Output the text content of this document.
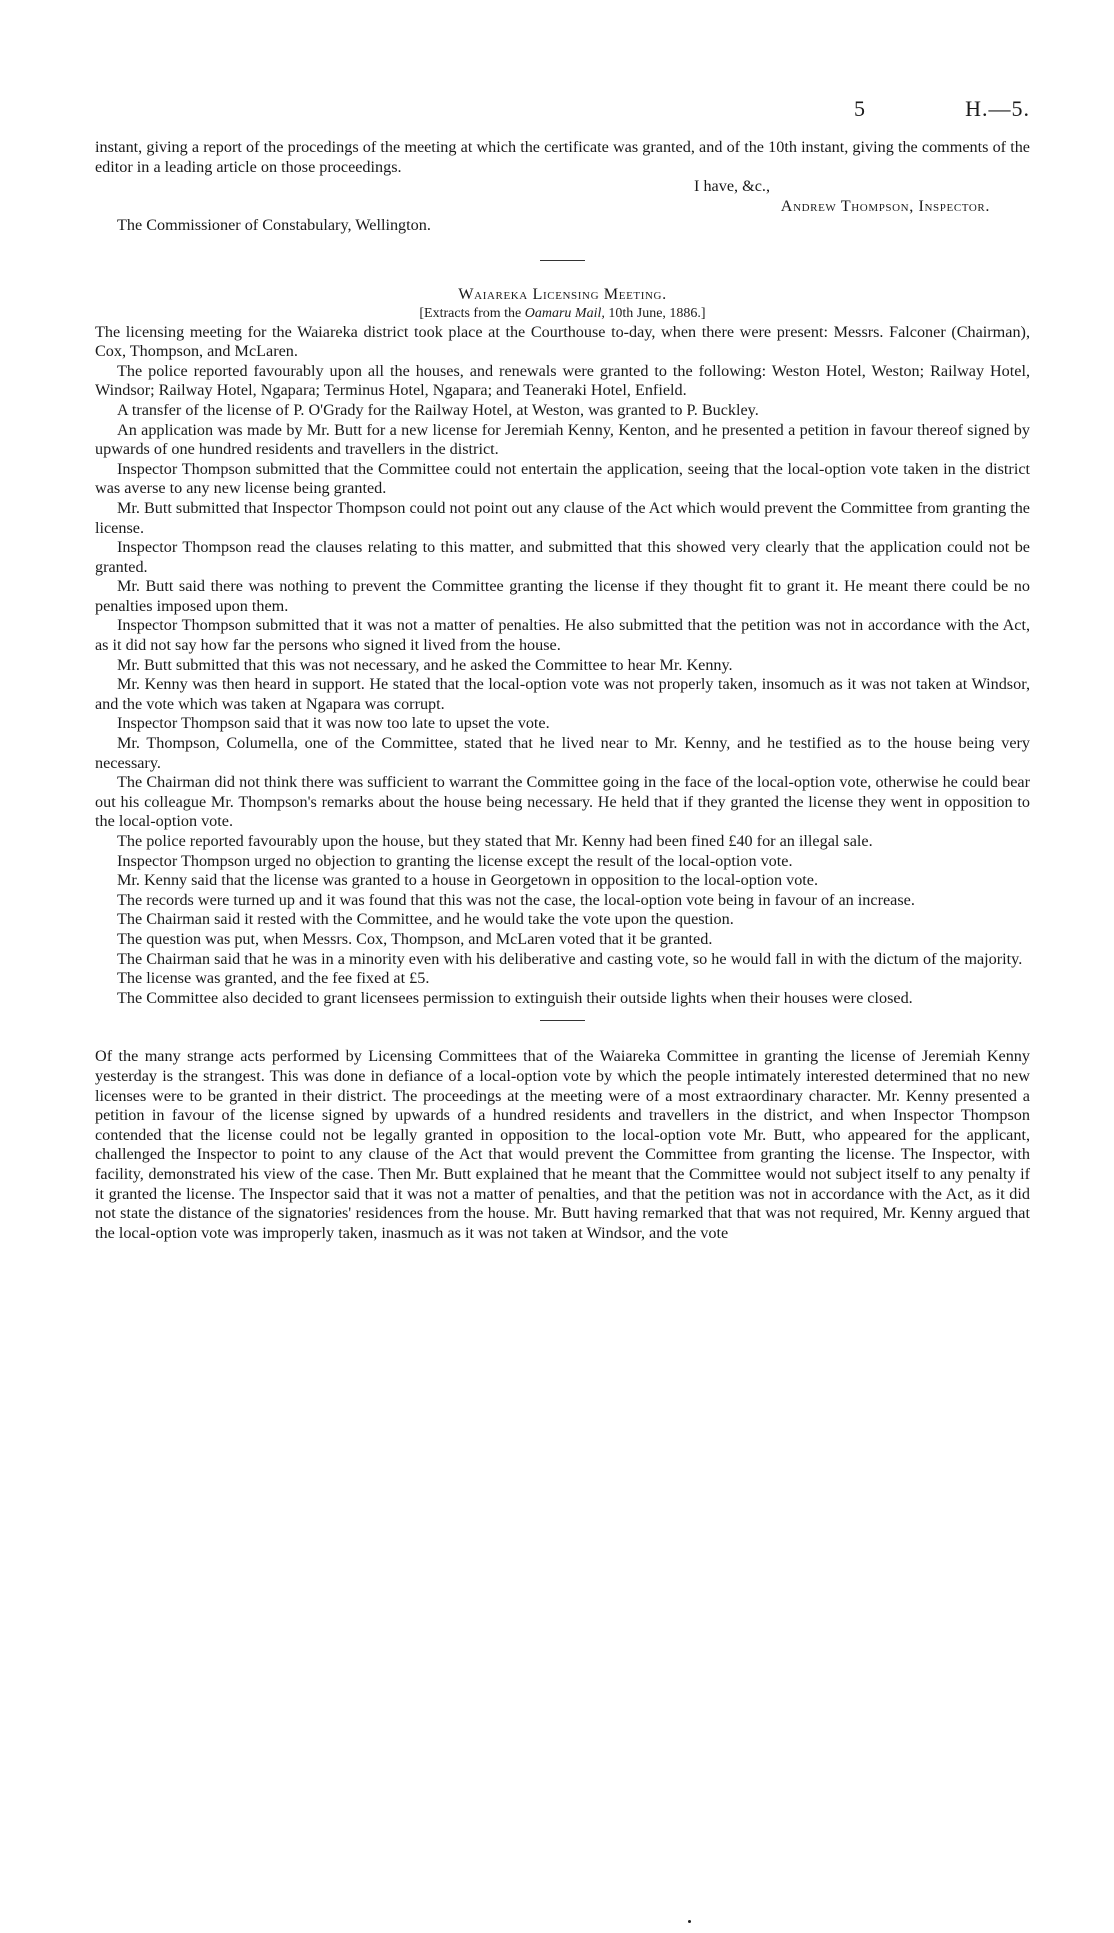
5	H.—5.

instant, giving a report of the procedings of the meeting at which the certificate was granted, and of the 10th instant, giving the comments of the editor in a leading article on those proceedings.

I have, &c.,

Andrew Thompson, Inspector.

The Commissioner of Constabulary, Wellington.

Waiareka Licensing Meeting.

[Extracts from the Oamaru Mail, 10th June, 1886.]

The licensing meeting for the Waiareka district took place at the Courthouse to-day, when there were present: Messrs. Falconer (Chairman), Cox, Thompson, and McLaren.

The police reported favourably upon all the houses, and renewals were granted to the following: Weston Hotel, Weston; Railway Hotel, Windsor; Railway Hotel, Ngapara; Terminus Hotel, Ngapara; and Teaneraki Hotel, Enfield.

A transfer of the license of P. O'Grady for the Railway Hotel, at Weston, was granted to P. Buckley.

An application was made by Mr. Butt for a new license for Jeremiah Kenny, Kenton, and he presented a petition in favour thereof signed by upwards of one hundred residents and travellers in the district.

Inspector Thompson submitted that the Committee could not entertain the application, seeing that the local-option vote taken in the district was averse to any new license being granted.

Mr. Butt submitted that Inspector Thompson could not point out any clause of the Act which would prevent the Committee from granting the license.

Inspector Thompson read the clauses relating to this matter, and submitted that this showed very clearly that the application could not be granted.

Mr. Butt said there was nothing to prevent the Committee granting the license if they thought fit to grant it. He meant there could be no penalties imposed upon them.

Inspector Thompson submitted that it was not a matter of penalties. He also submitted that the petition was not in accordance with the Act, as it did not say how far the persons who signed it lived from the house.

Mr. Butt submitted that this was not necessary, and he asked the Committee to hear Mr. Kenny.

Mr. Kenny was then heard in support. He stated that the local-option vote was not properly taken, insomuch as it was not taken at Windsor, and the vote which was taken at Ngapara was corrupt.

Inspector Thompson said that it was now too late to upset the vote.

Mr. Thompson, Columella, one of the Committee, stated that he lived near to Mr. Kenny, and he testified as to the house being very necessary.

The Chairman did not think there was sufficient to warrant the Committee going in the face of the local-option vote, otherwise he could bear out his colleague Mr. Thompson's remarks about the house being necessary. He held that if they granted the license they went in opposition to the local-option vote.

The police reported favourably upon the house, but they stated that Mr. Kenny had been fined £40 for an illegal sale.

Inspector Thompson urged no objection to granting the license except the result of the local-option vote.

Mr. Kenny said that the license was granted to a house in Georgetown in opposition to the local-option vote.

The records were turned up and it was found that this was not the case, the local-option vote being in favour of an increase.

The Chairman said it rested with the Committee, and he would take the vote upon the question.

The question was put, when Messrs. Cox, Thompson, and McLaren voted that it be granted.

The Chairman said that he was in a minority even with his deliberative and casting vote, so he would fall in with the dictum of the majority.

The license was granted, and the fee fixed at £5.

The Committee also decided to grant licensees permission to extinguish their outside lights when their houses were closed.

Of the many strange acts performed by Licensing Committees that of the Waiareka Committee in granting the license of Jeremiah Kenny yesterday is the strangest. This was done in defiance of a local-option vote by which the people intimately interested determined that no new licenses were to be granted in their district. The proceedings at the meeting were of a most extraordinary character. Mr. Kenny presented a petition in favour of the license signed by upwards of a hundred residents and travellers in the district, and when Inspector Thompson contended that the license could not be legally granted in opposition to the local-option vote Mr. Butt, who appeared for the applicant, challenged the Inspector to point to any clause of the Act that would prevent the Committee from granting the license. The Inspector, with facility, demonstrated his view of the case. Then Mr. Butt explained that he meant that the Committee would not subject itself to any penalty if it granted the license. The Inspector said that it was not a matter of penalties, and that the petition was not in accordance with the Act, as it did not state the distance of the signatories' residences from the house. Mr. Butt having remarked that that was not required, Mr. Kenny argued that the local-option vote was improperly taken, inasmuch as it was not taken at Windsor, and the vote
